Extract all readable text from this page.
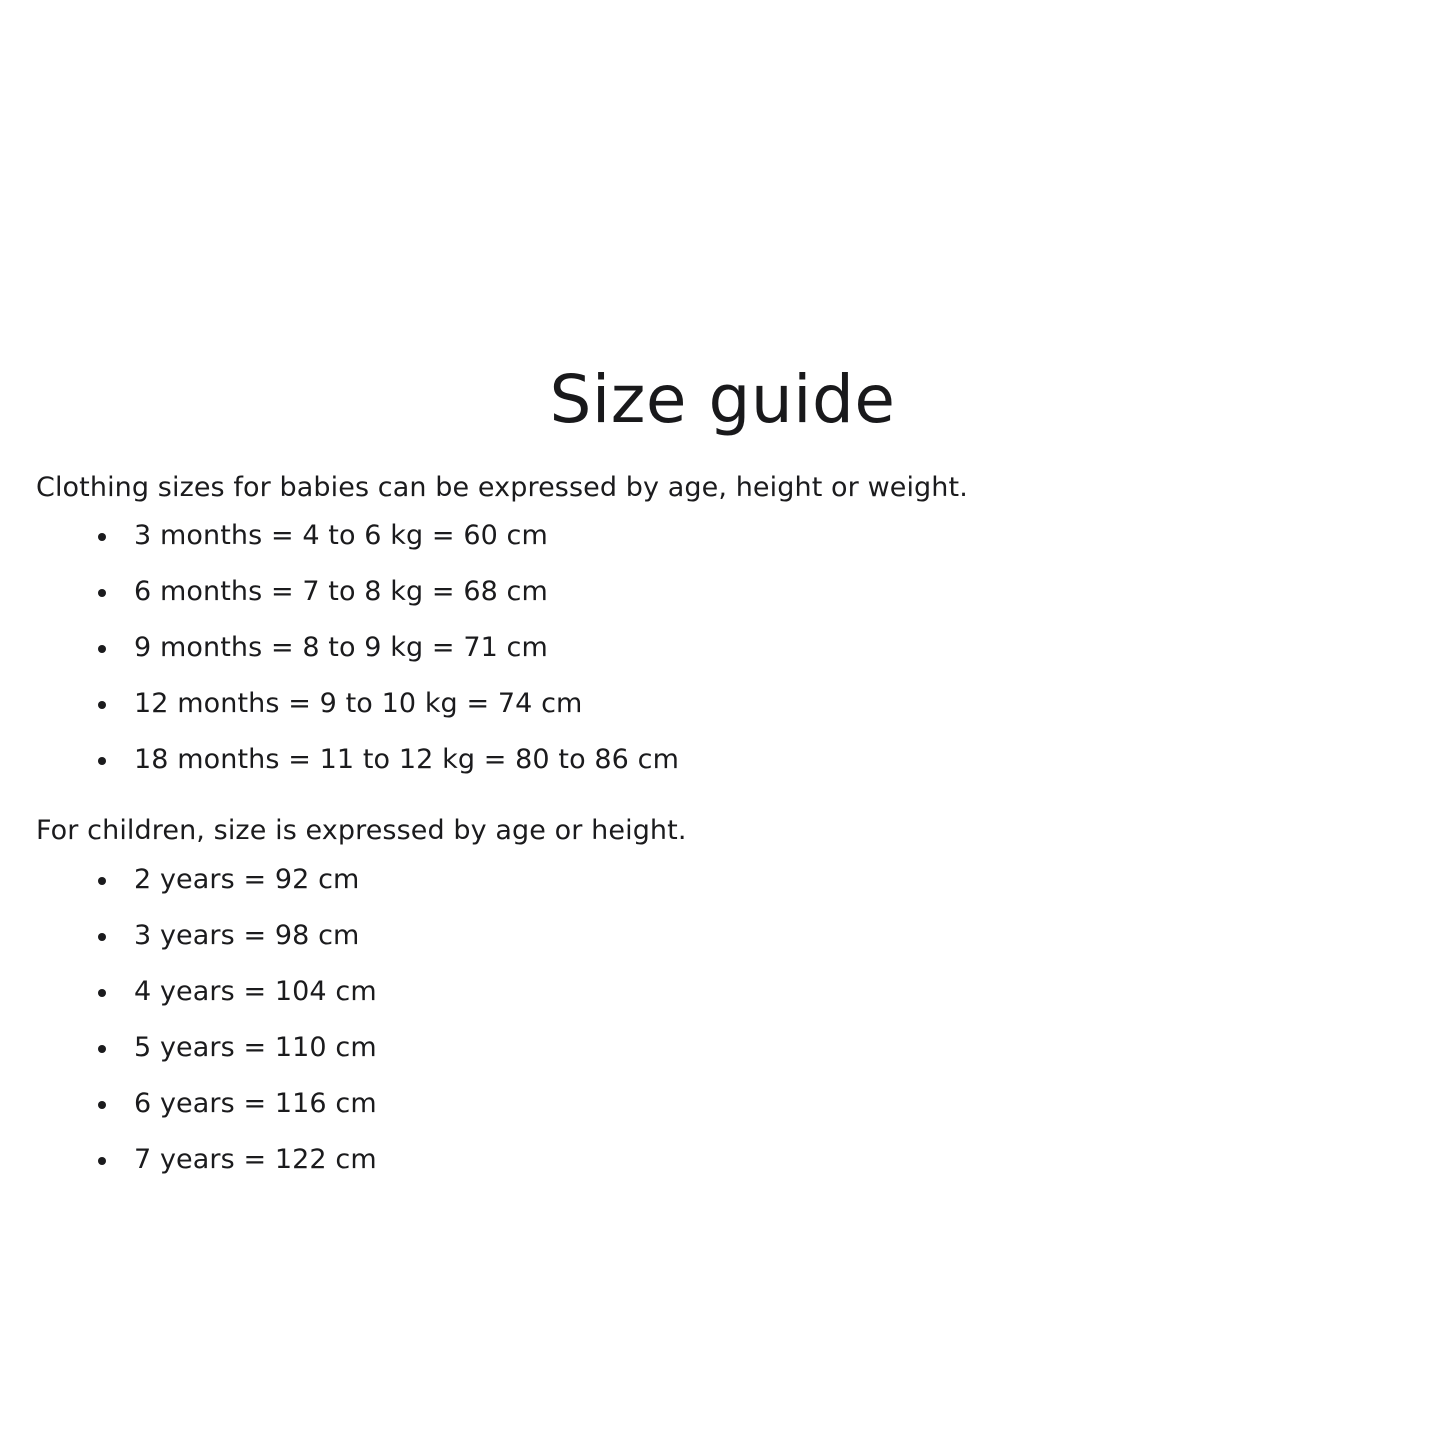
Size guide

Clothing sizes for babies can be expressed by age, height or weight.

3 months = 4 to 6 kg = 60 cm
6 months = 7 to 8 kg = 68 cm
9 months = 8 to 9 kg = 71 cm
12 months = 9 to 10 kg = 74 cm
18 months = 11 to 12 kg = 80 to 86 cm

For children, size is expressed by age or height.

2 years = 92 cm
3 years = 98 cm
4 years = 104 cm
5 years = 110 cm
6 years = 116 cm
7 years = 122 cm
